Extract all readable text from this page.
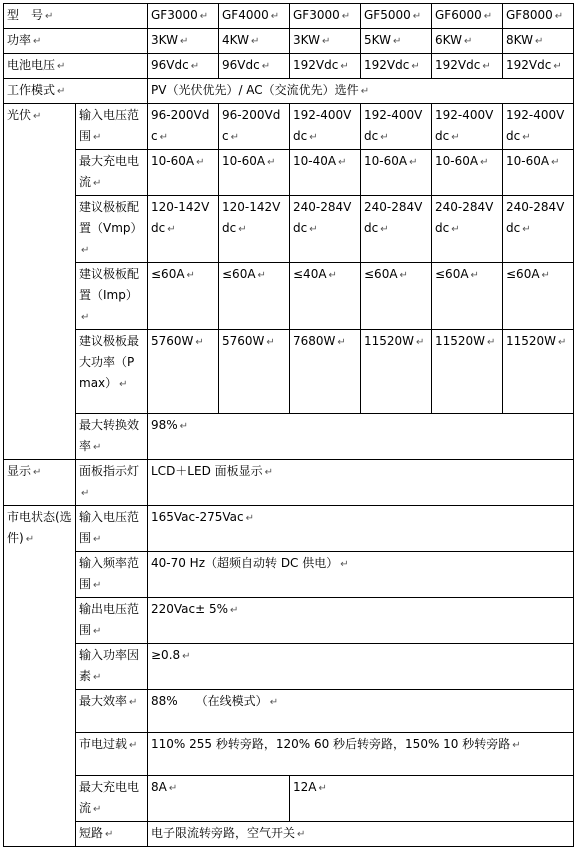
型　号 ↵		GF3000 ↵	GF4000 ↵	GF3000 ↵	GF5000 ↵	GF6000 ↵	GF8000 ↵
功率 ↵		3KW ↵	4KW ↵	3KW ↵	5KW ↵	6KW ↵	8KW ↵
电池电压 ↵		96Vdc ↵	96Vdc ↵	192Vdc ↵	192Vdc ↵	192Vdc ↵	192Vdc ↵
工作模式 ↵		PV（光伏优先）/ AC（交流优先）选件 ↵					
光伏 ↵	输入电压范围 ↵	96-200Vdc ↵	96-200Vdc ↵	192-400Vdc ↵	192-400Vdc ↵	192-400Vdc ↵	192-400Vdc ↵
	最大充电电流 ↵	10-60A ↵	10-60A ↵	10-40A ↵	10-60A ↵	10-60A ↵	10-60A ↵
	建议极板配　置（Vmp）↵	120-142Vdc ↵	120-142Vdc ↵	240-284Vdc ↵	240-284Vdc ↵	240-284Vdc ↵	240-284Vdc ↵
	建议极板配　置（Imp）↵	≤60A ↵	≤60A ↵	≤40A ↵	≤60A ↵	≤60A ↵	≤60A ↵
	建议极板最大功率（Pmax） ↵	5760W ↵	5760W ↵	7680W ↵	11520W ↵	11520W ↵	11520W ↵
	最大转换效率 ↵	98% ↵					
显示 ↵	面板指示灯↵	LCD＋LED 面板显示 ↵					
市电状态(选件) ↵	输入电压范围 ↵	165Vac-275Vac ↵					
	输入频率范围 ↵	40-70 Hz（超频自动转 DC 供电） ↵					
	输出电压范围 ↵	220Vac± 5% ↵					
	输入功率因素 ↵	≥0.8 ↵					
	最大效率 ↵	88%　　（在线模式） ↵					
	市电过载 ↵	110% 255 秒转旁路，120% 60 秒后转旁路，150% 10 秒转旁路 ↵					
	最大充电电流 ↵	8A ↵		12A ↵			
	短路 ↵	电子限流转旁路，空气开关 ↵					
